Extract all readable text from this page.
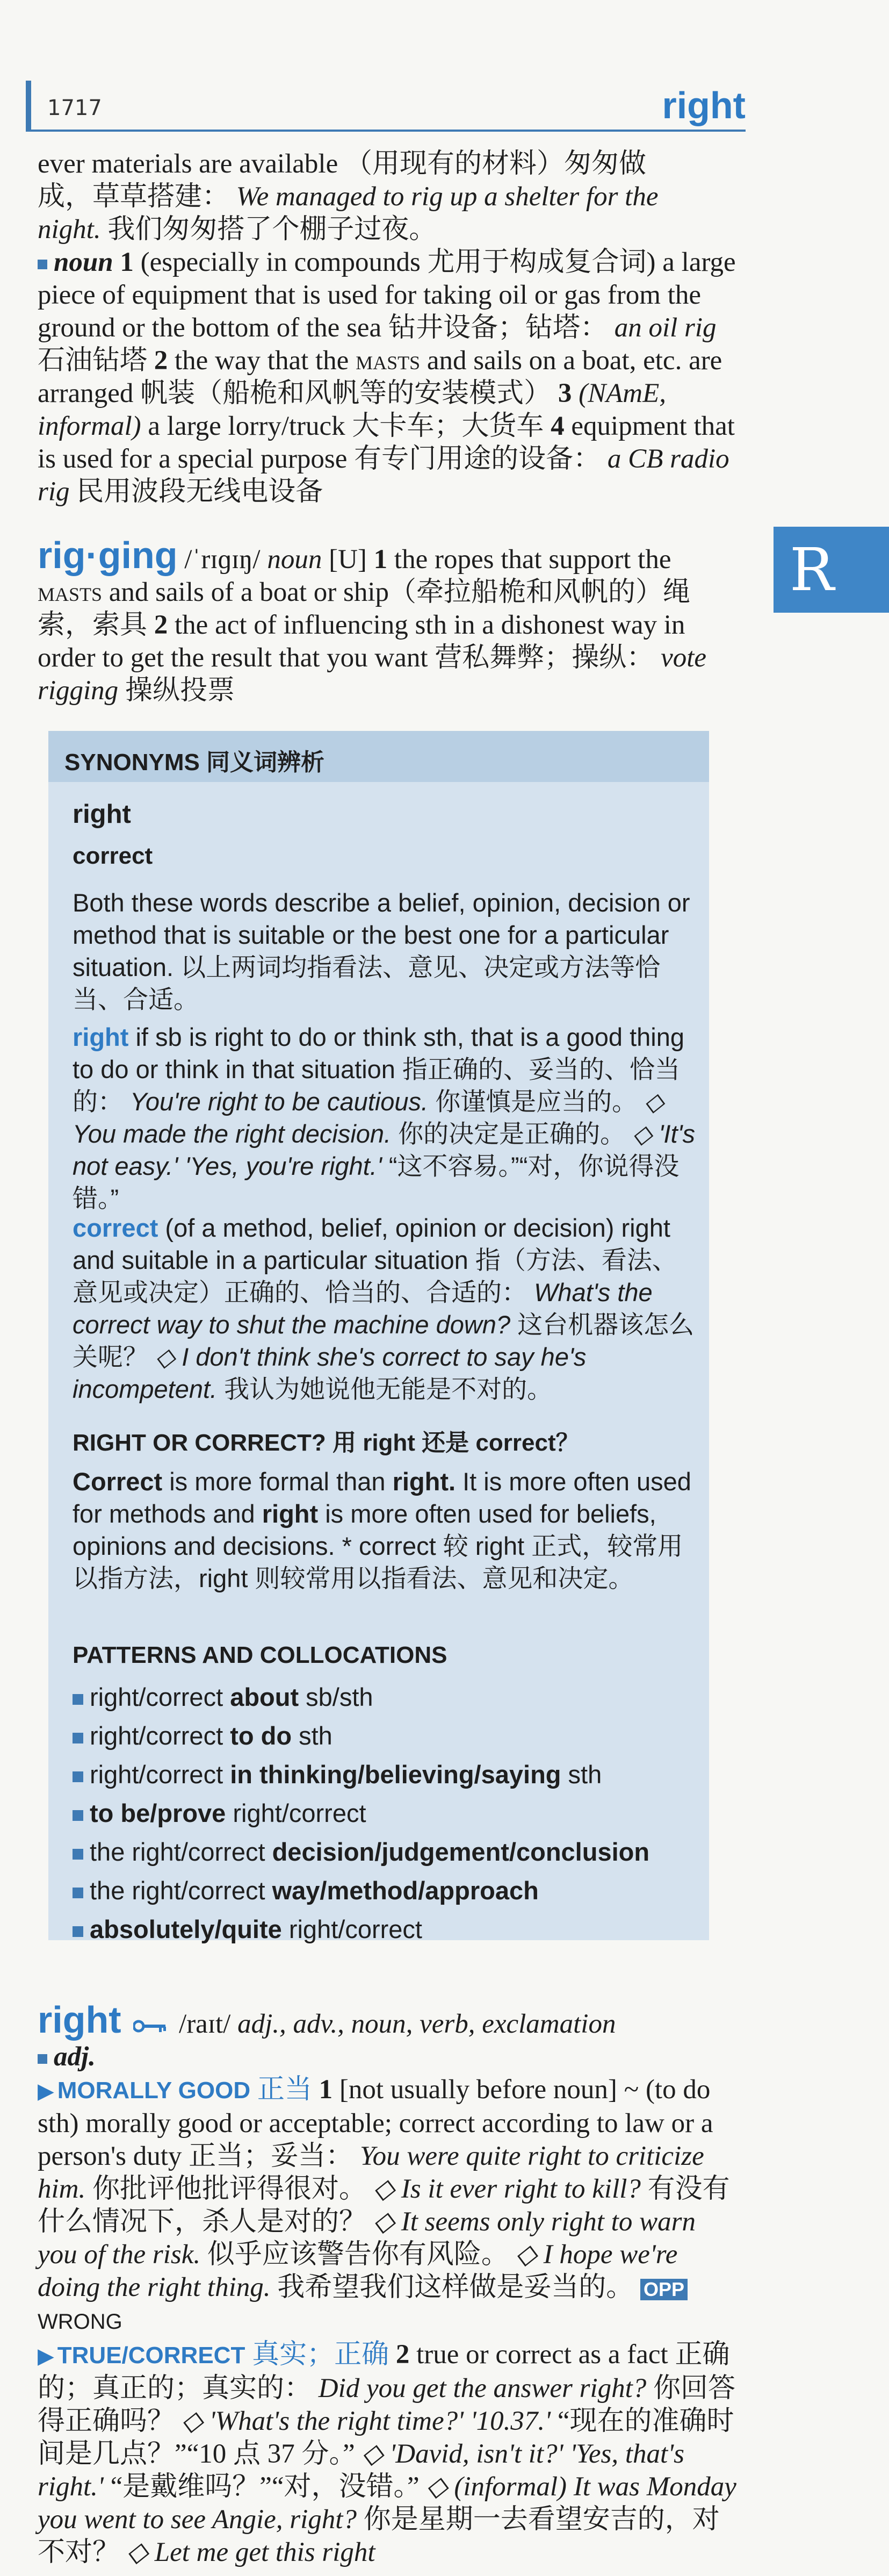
1717	right
R

ever materials are available （用现有的材料）匆匆做

成，草草搭建： We managed to rig up a shelter for the

night. 我们匆匆搭了个棚子过夜。

noun 1 (especially in compounds 尤用于构成复合词) a large piece of equipment that is used for taking oil or gas from the ground or the bottom of the sea 钻井设备；钻塔： an oil rig 石油钻塔 2 the way that the masts and sails on a boat, etc. are arranged 帆装（船桅和风帆等的安装模式） 3 (NAmE, informal) a large lorry/truck 大卡车；大货车 4 equipment that is used for a special purpose 有专门用途的设备： a CB radio rig 民用波段无线电设备

rig·ging /ˈrɪɡɪŋ/ noun [U] 1 the ropes that support the masts and sails of a boat or ship（牵拉船桅和风帆的）绳索，索具 2 the act of influencing sth in a dishonest way in order to get the result that you want 营私舞弊；操纵： vote rigging 操纵投票

SYNONYMS 同义词辨析

right

correct

Both these words describe a belief, opinion, decision or method that is suitable or the best one for a particular situation. 以上两词均指看法、意见、决定或方法等恰当、合适。

right if sb is right to do or think sth, that is a good thing to do or think in that situation 指正确的、妥当的、恰当的： You're right to be cautious. 你谨慎是应当的。 ◇ You made the right decision. 你的决定是正确的。 ◇ 'It's not easy.' 'Yes, you're right.' “这不容易。”“对，你说得没错。”

correct (of a method, belief, opinion or decision) right and suitable in a particular situation 指（方法、看法、意见或决定）正确的、恰当的、合适的： What's the correct way to shut the machine down? 这台机器该怎么关呢？ ◇ I don't think she's correct to say he's incompetent. 我认为她说他无能是不对的。

RIGHT OR CORRECT? 用 right 还是 correct？

Correct is more formal than right. It is more often used for methods and right is more often used for beliefs, opinions and decisions. * correct 较 right 正式，较常用以指方法，right 则较常用以指看法、意见和决定。

PATTERNS AND COLLOCATIONS

right/correct about sb/sth

right/correct to do sth

right/correct in thinking/believing/saying sth

to be/prove right/correct

the right/correct decision/judgement/conclusion

the right/correct way/method/approach

absolutely/quite right/correct

right /raɪt/ adj., adv., noun, verb, exclamation

adj.

▶ MORALLY GOOD 正当 1 [not usually before noun] ~ (to do sth) morally good or acceptable; correct according to law or a person's duty 正当；妥当： You were quite right to criticize him. 你批评他批评得很对。 ◇ Is it ever right to kill? 有没有什么情况下，杀人是对的？ ◇ It seems only right to warn you of the risk. 似乎应该警告你有风险。 ◇ I hope we're doing the right thing. 我希望我们这样做是妥当的。 OPP WRONG

▶ TRUE/CORRECT 真实；正确 2 true or correct as a fact 正确的；真正的；真实的： Did you get the answer right? 你回答得正确吗？ ◇ 'What's the right time?' '10.37.' “现在的准确时间是几点？”“10 点 37 分。” ◇ 'David, isn't it?' 'Yes, that's right.' “是戴维吗？”“对，没错。” ◇ (informal) It was Monday you went to see Angie, right? 你是星期一去看望安吉的，对不对？ ◇ Let me get this right
